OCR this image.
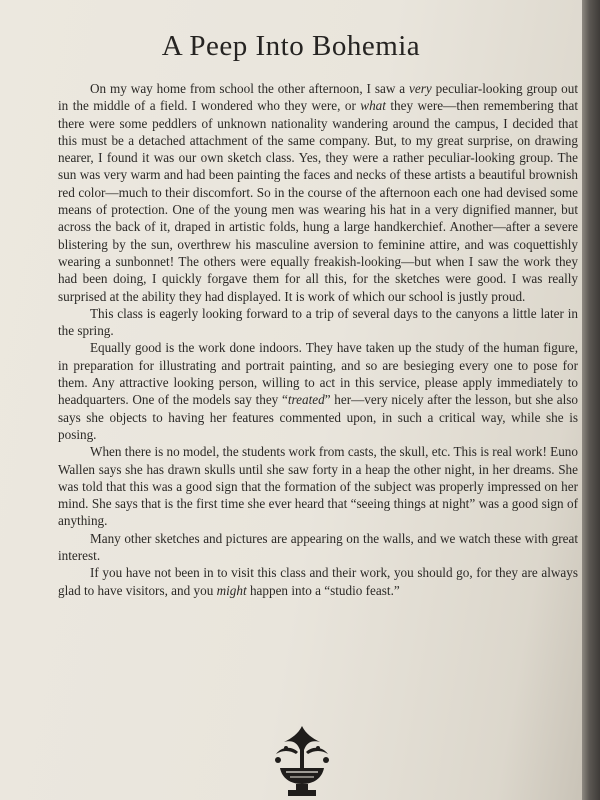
A Peep Into Bohemia

On my way home from school the other afternoon, I saw a very peculiar-looking group out in the middle of a field. I wondered who they were, or what they were—then remembering that there were some peddlers of unknown nationality wandering around the campus, I decided that this must be a detached attachment of the same company. But, to my great surprise, on drawing nearer, I found it was our own sketch class. Yes, they were a rather peculiar-looking group. The sun was very warm and had been painting the faces and necks of these artists a beautiful brownish red color—much to their discomfort. So in the course of the afternoon each one had devised some means of protection. One of the young men was wearing his hat in a very dignified manner, but across the back of it, draped in artistic folds, hung a large handkerchief. Another—after a severe blistering by the sun, overthrew his masculine aversion to feminine attire, and was coquettishly wearing a sunbonnet! The others were equally freakish-looking—but when I saw the work they had been doing, I quickly forgave them for all this, for the sketches were good. I was really surprised at the ability they had displayed. It is work of which our school is justly proud.

This class is eagerly looking forward to a trip of several days to the canyons a little later in the spring.

Equally good is the work done indoors. They have taken up the study of the human figure, in preparation for illustrating and portrait painting, and so are besieging every one to pose for them. Any attractive looking person, willing to act in this service, please apply immediately to headquarters. One of the models say they “treated” her—very nicely after the lesson, but she also says she objects to having her features commented upon, in such a critical way, while she is posing.

When there is no model, the students work from casts, the skull, etc. This is real work! Euno Wallen says she has drawn skulls until she saw forty in a heap the other night, in her dreams. She was told that this was a good sign that the formation of the subject was properly impressed on her mind. She says that is the first time she ever heard that “seeing things at night” was a good sign of anything.

Many other sketches and pictures are appearing on the walls, and we watch these with great interest.

If you have not been in to visit this class and their work, you should go, for they are always glad to have visitors, and you might happen into a “studio feast.”
